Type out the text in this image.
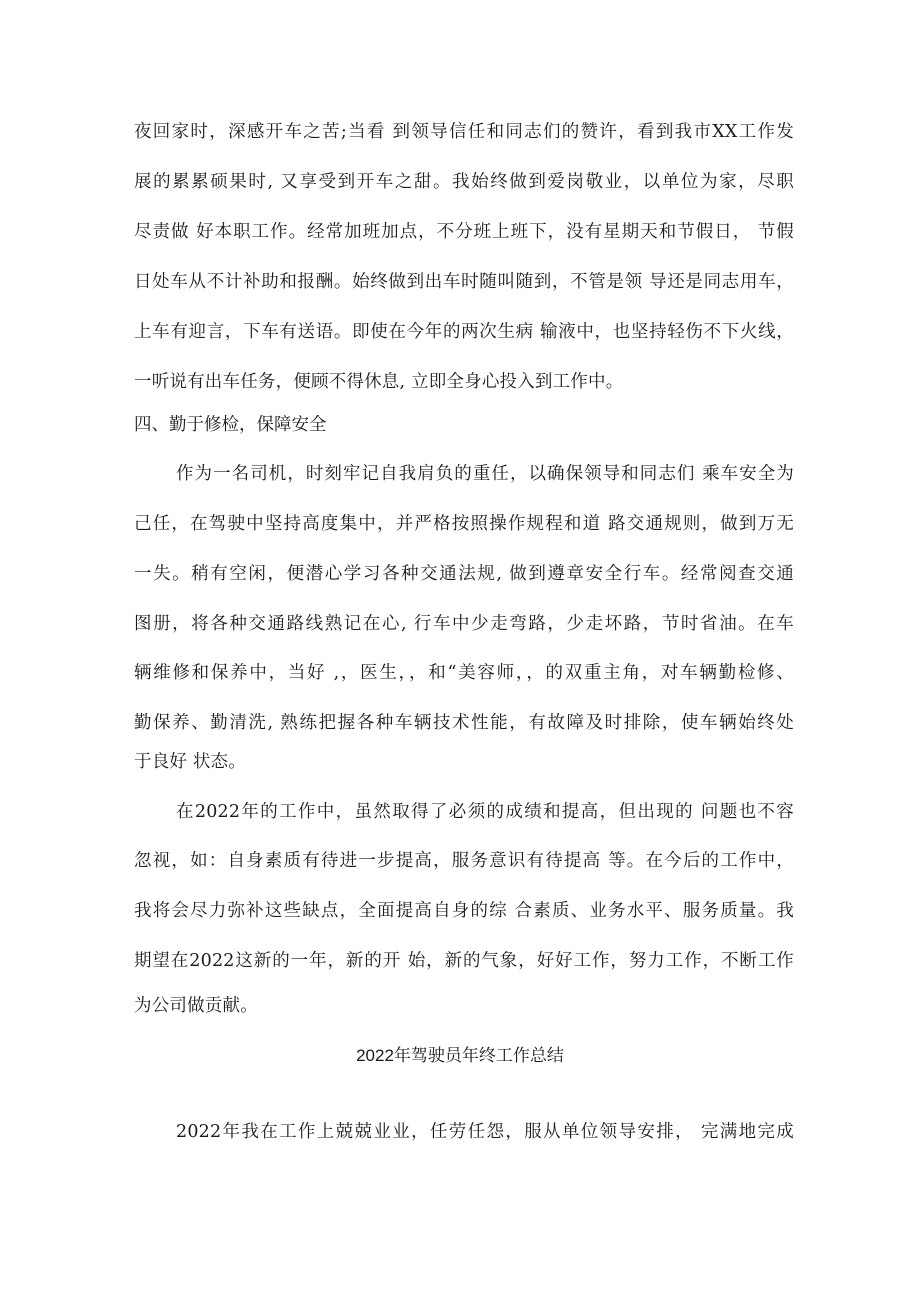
夜回家时，深感开车之苦;当看 到领导信任和同志们的赞许，看到我市XX工作发
展的累累硕果时, 又享受到开车之甜。我始终做到爱岗敬业，以单位为家，尽职
尽责做 好本职工作。经常加班加点，不分班上班下，没有星期天和节假日， 节假
日处车从不计补助和报酬。始终做到出车时随叫随到，不管是领 导还是同志用车，
上车有迎言，下车有送语。即使在今年的两次生病 输液中，也坚持轻伤不下火线，
一听说有出车任务，便顾不得休息, 立即全身心投入到工作中。
四、勤于修检，保障安全
作为一名司机，时刻牢记自我肩负的重任，以确保领导和同志们 乘车安全为
己任，在驾驶中坚持高度集中，并严格按照操作规程和道 路交通规则，做到万无
一失。稍有空闲，便潜心学习各种交通法规, 做到遵章安全行车。经常阅查交通
图册，将各种交通路线熟记在心, 行车中少走弯路，少走坏路，节时省油。在车
辆维修和保养中，当好 ,，医生，，和“美容师，，的双重主角，对车辆勤检修、
勤保养、勤清洗, 熟练把握各种车辆技术性能，有故障及时排除，使车辆始终处
于良好 状态。
在2022年的工作中，虽然取得了必须的成绩和提高，但出现的 问题也不容
忽视，如：自身素质有待进一步提高，服务意识有待提高 等。在今后的工作中，
我将会尽力弥补这些缺点，全面提高自身的综 合素质、业务水平、服务质量。我
期望在2022这新的一年，新的开 始，新的气象，好好工作，努力工作，不断工作
为公司做贡献。
2022年驾驶员年终工作总结
2022年我在工作上兢兢业业，任劳任怨，服从单位领导安排， 完满地完成
